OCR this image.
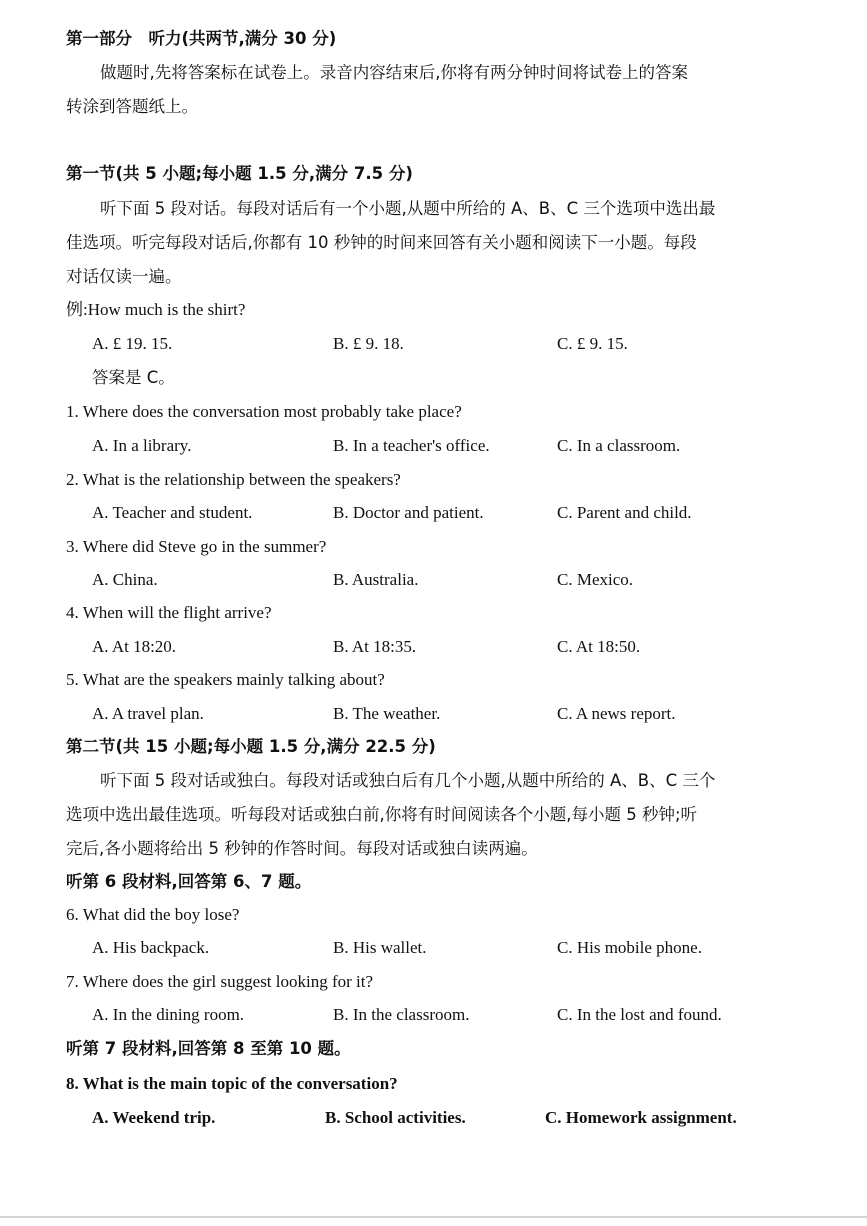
第一部分　听力(共两节,满分 30 分)
做题时,先将答案标在试卷上。录音内容结束后,你将有两分钟时间将试卷上的答案
转涂到答题纸上。
第一节(共 5 小题;每小题 1.5 分,满分 7.5 分)
听下面 5 段对话。每段对话后有一个小题,从题中所给的 A、B、C 三个选项中选出最
佳选项。听完每段对话后,你都有 10 秒钟的时间来回答有关小题和阅读下一小题。每段
对话仅读一遍。
例:How much is the shirt?
A. £ 19. 15.	B. £ 9. 18.	C. £ 9. 15.
答案是 C。
1. Where does the conversation most probably take place?
A. In a library.	B. In a teacher's office.	C. In a classroom.
2. What is the relationship between the speakers?
A. Teacher and student.	B. Doctor and patient.	C. Parent and child.
3. Where did Steve go in the summer?
A. China.	B. Australia.	C. Mexico.
4. When will the flight arrive?
A. At 18:20.	B. At 18:35.	C. At 18:50.
5. What are the speakers mainly talking about?
A. A travel plan.	B. The weather.	C. A news report.
第二节(共 15 小题;每小题 1.5 分,满分 22.5 分)
听下面 5 段对话或独白。每段对话或独白后有几个小题,从题中所给的 A、B、C 三个
选项中选出最佳选项。听每段对话或独白前,你将有时间阅读各个小题,每小题 5 秒钟;听
完后,各小题将给出 5 秒钟的作答时间。每段对话或独白读两遍。
听第 6 段材料,回答第 6、7 题。
6. What did the boy lose?
A. His backpack.	B. His wallet.	C. His mobile phone.
7. Where does the girl suggest looking for it?
A. In the dining room.	B. In the classroom.	C. In the lost and found.
听第 7 段材料,回答第 8 至第 10 题。
8. What is the main topic of the conversation?
A. Weekend trip.	B. School activities.	C. Homework assignment.
